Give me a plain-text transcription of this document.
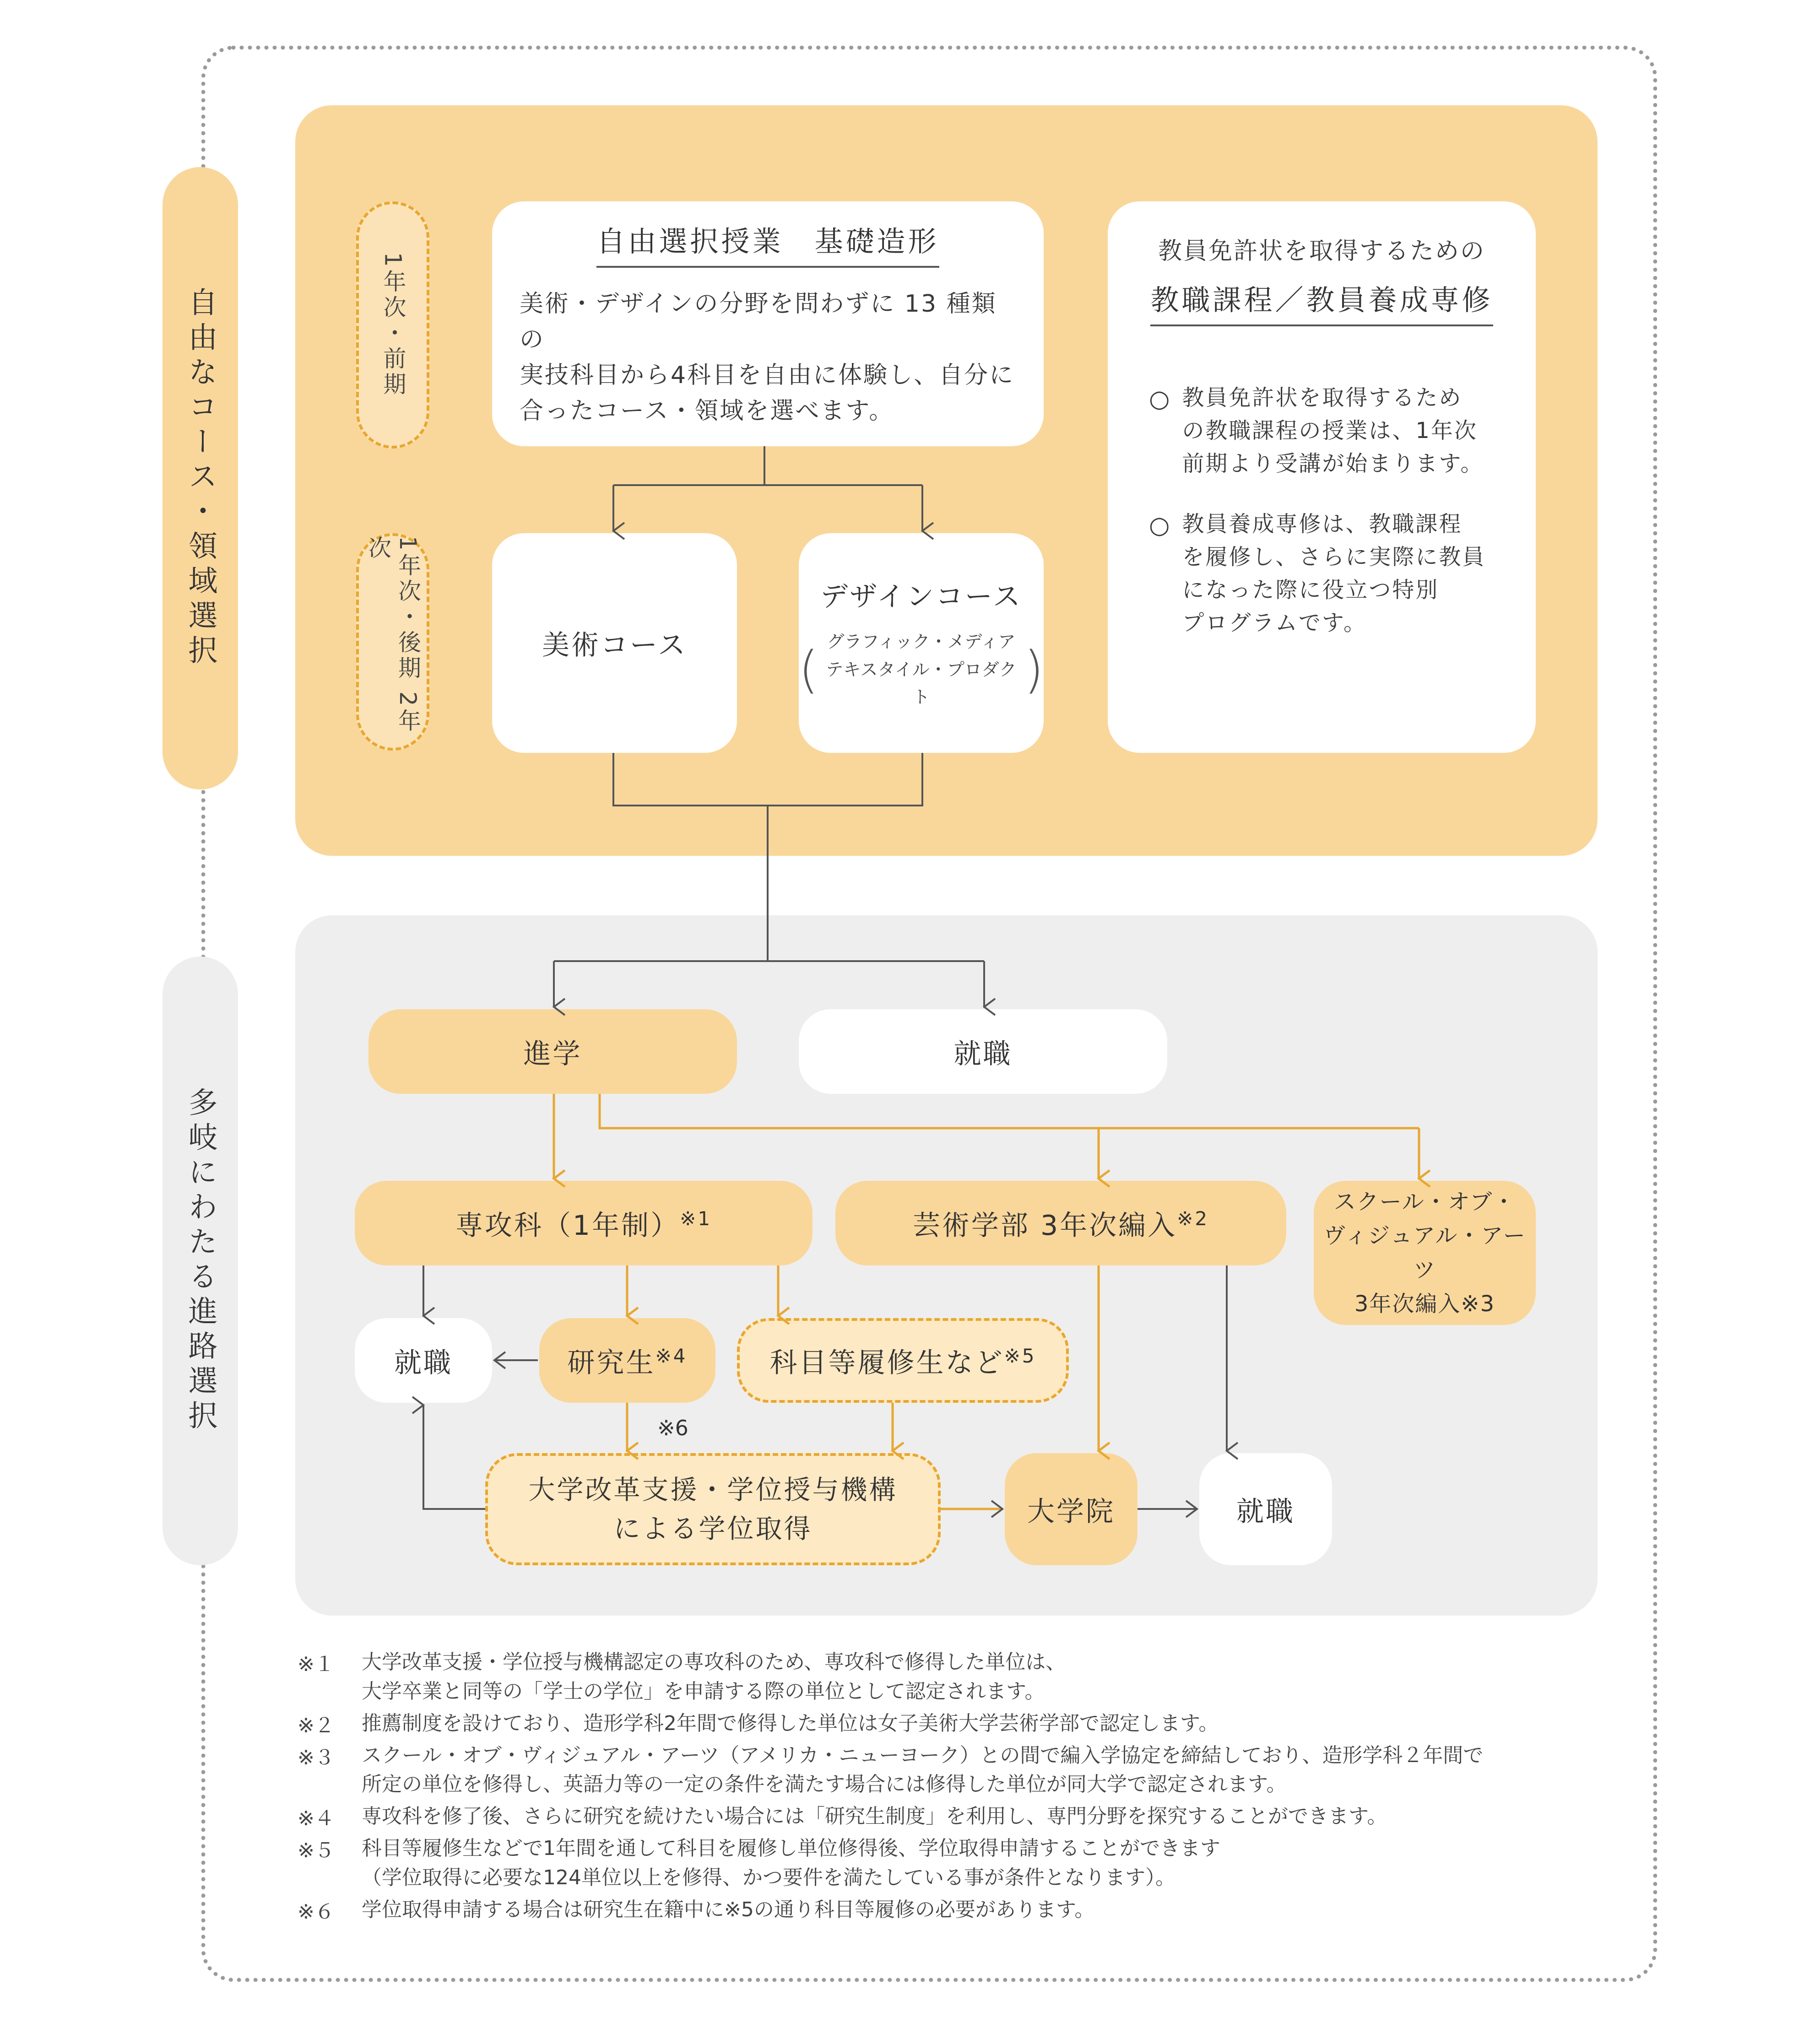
自由なコース・領域選択
多岐にわたる進路選択
1年次・前期
1年次・後期 2年次
自由選択授業　基礎造形
美術・デザインの分野を問わずに 13 種類の
実技科目から4科目を自由に体験し、自分に
合ったコース・領域を選べます。
教員免許状を取得するための
教職課程／教員養成専修
○ 教員免許状を取得するため
の教職課程の授業は、1年次
前期より受講が始まります。
○ 教員養成専修は、教職課程
を履修し、さらに実際に教員
になった際に役立つ特別
プログラムです。
美術コース
デザインコース
( グラフィック・メディア
テキスタイル・プロダクト	)
進学	就職
専攻科（1年制）$^{※1}$	芸術学部 3年次編入$^{※2}$
スクール・オブ・
ヴィジュアル・アーツ
3年次編入※3
就職	研究生$^{※4}$	科目等履修生など$^{※5}$
※6
大学改革支援・学位授与機構
による学位取得
大学院	就職
※１	大学改革支援・学位授与機構認定の専攻科のため、専攻科で修得した単位は、
大学卒業と同等の「学士の学位」を申請する際の単位として認定されます。
※２	推薦制度を設けており、造形学科2年間で修得した単位は女子美術大学芸術学部で認定します。
※３	スクール・オブ・ヴィジュアル・アーツ（アメリカ・ニューヨーク）との間で編入学協定を締結しており、造形学科２年間で
所定の単位を修得し、英語力等の一定の条件を満たす場合には修得した単位が同大学で認定されます。
※４	専攻科を修了後、さらに研究を続けたい場合には「研究生制度」を利用し、専門分野を探究することができます。
※５	科目等履修生などで1年間を通して科目を履修し単位修得後、学位取得申請することができます
（学位取得に必要な124単位以上を修得、かつ要件を満たしている事が条件となります）。
※６	学位取得申請する場合は研究生在籍中に※5の通り科目等履修の必要があります。
